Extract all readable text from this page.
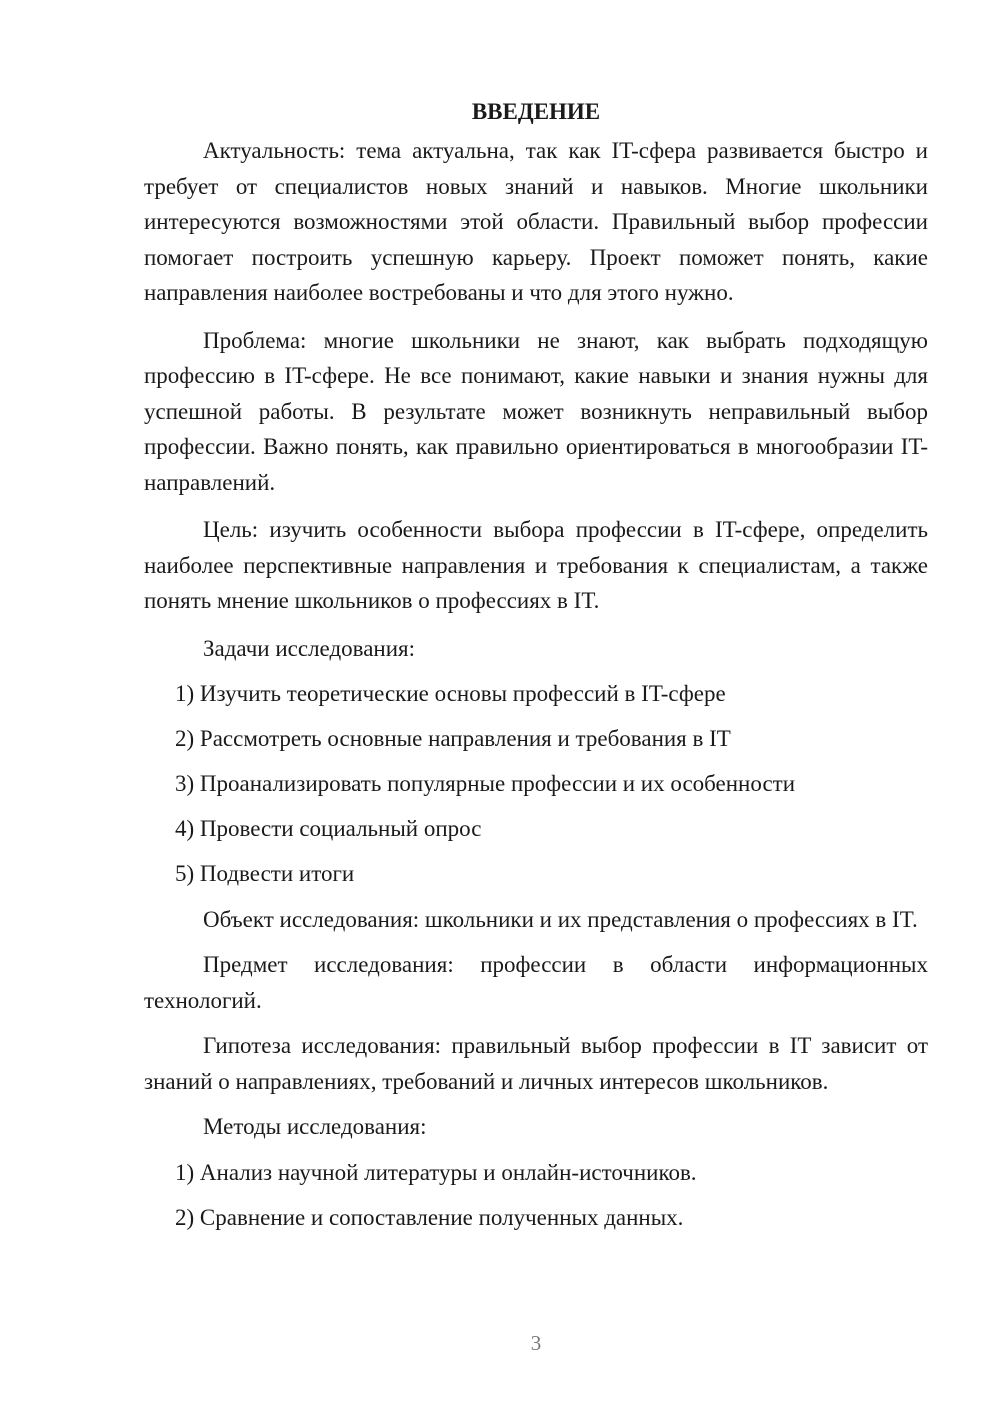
ВВЕДЕНИЕ

Актуальность: тема актуальна, так как IT-сфера развивается быстро и требует от специалистов новых знаний и навыков. Многие школьники интересуются возможностями этой области. Правильный выбор профессии помогает построить успешную карьеру. Проект поможет понять, какие направления наиболее востребованы и что для этого нужно.

Проблема: многие школьники не знают, как выбрать подходящую профессию в IT-сфере. Не все понимают, какие навыки и знания нужны для успешной работы. В результате может возникнуть неправильный выбор профессии. Важно понять, как правильно ориентироваться в многообразии IT-направлений.

Цель: изучить особенности выбора профессии в IT-сфере, определить наиболее перспективные направления и требования к специалистам, а также понять мнение школьников о профессиях в IT.

Задачи исследования:

1) Изучить теоретические основы профессий в IT-сфере
2) Рассмотреть основные направления и требования в IT
3) Проанализировать популярные профессии и их особенности
4) Провести социальный опрос
5) Подвести итоги

Объект исследования: школьники и их представления о профессиях в IT.

Предмет исследования: профессии в области информационных технологий.

Гипотеза исследования: правильный выбор профессии в IT зависит от знаний о направлениях, требований и личных интересов школьников.

Методы исследования:

1) Анализ научной литературы и онлайн-источников.
2) Сравнение и сопоставление полученных данных.
3
